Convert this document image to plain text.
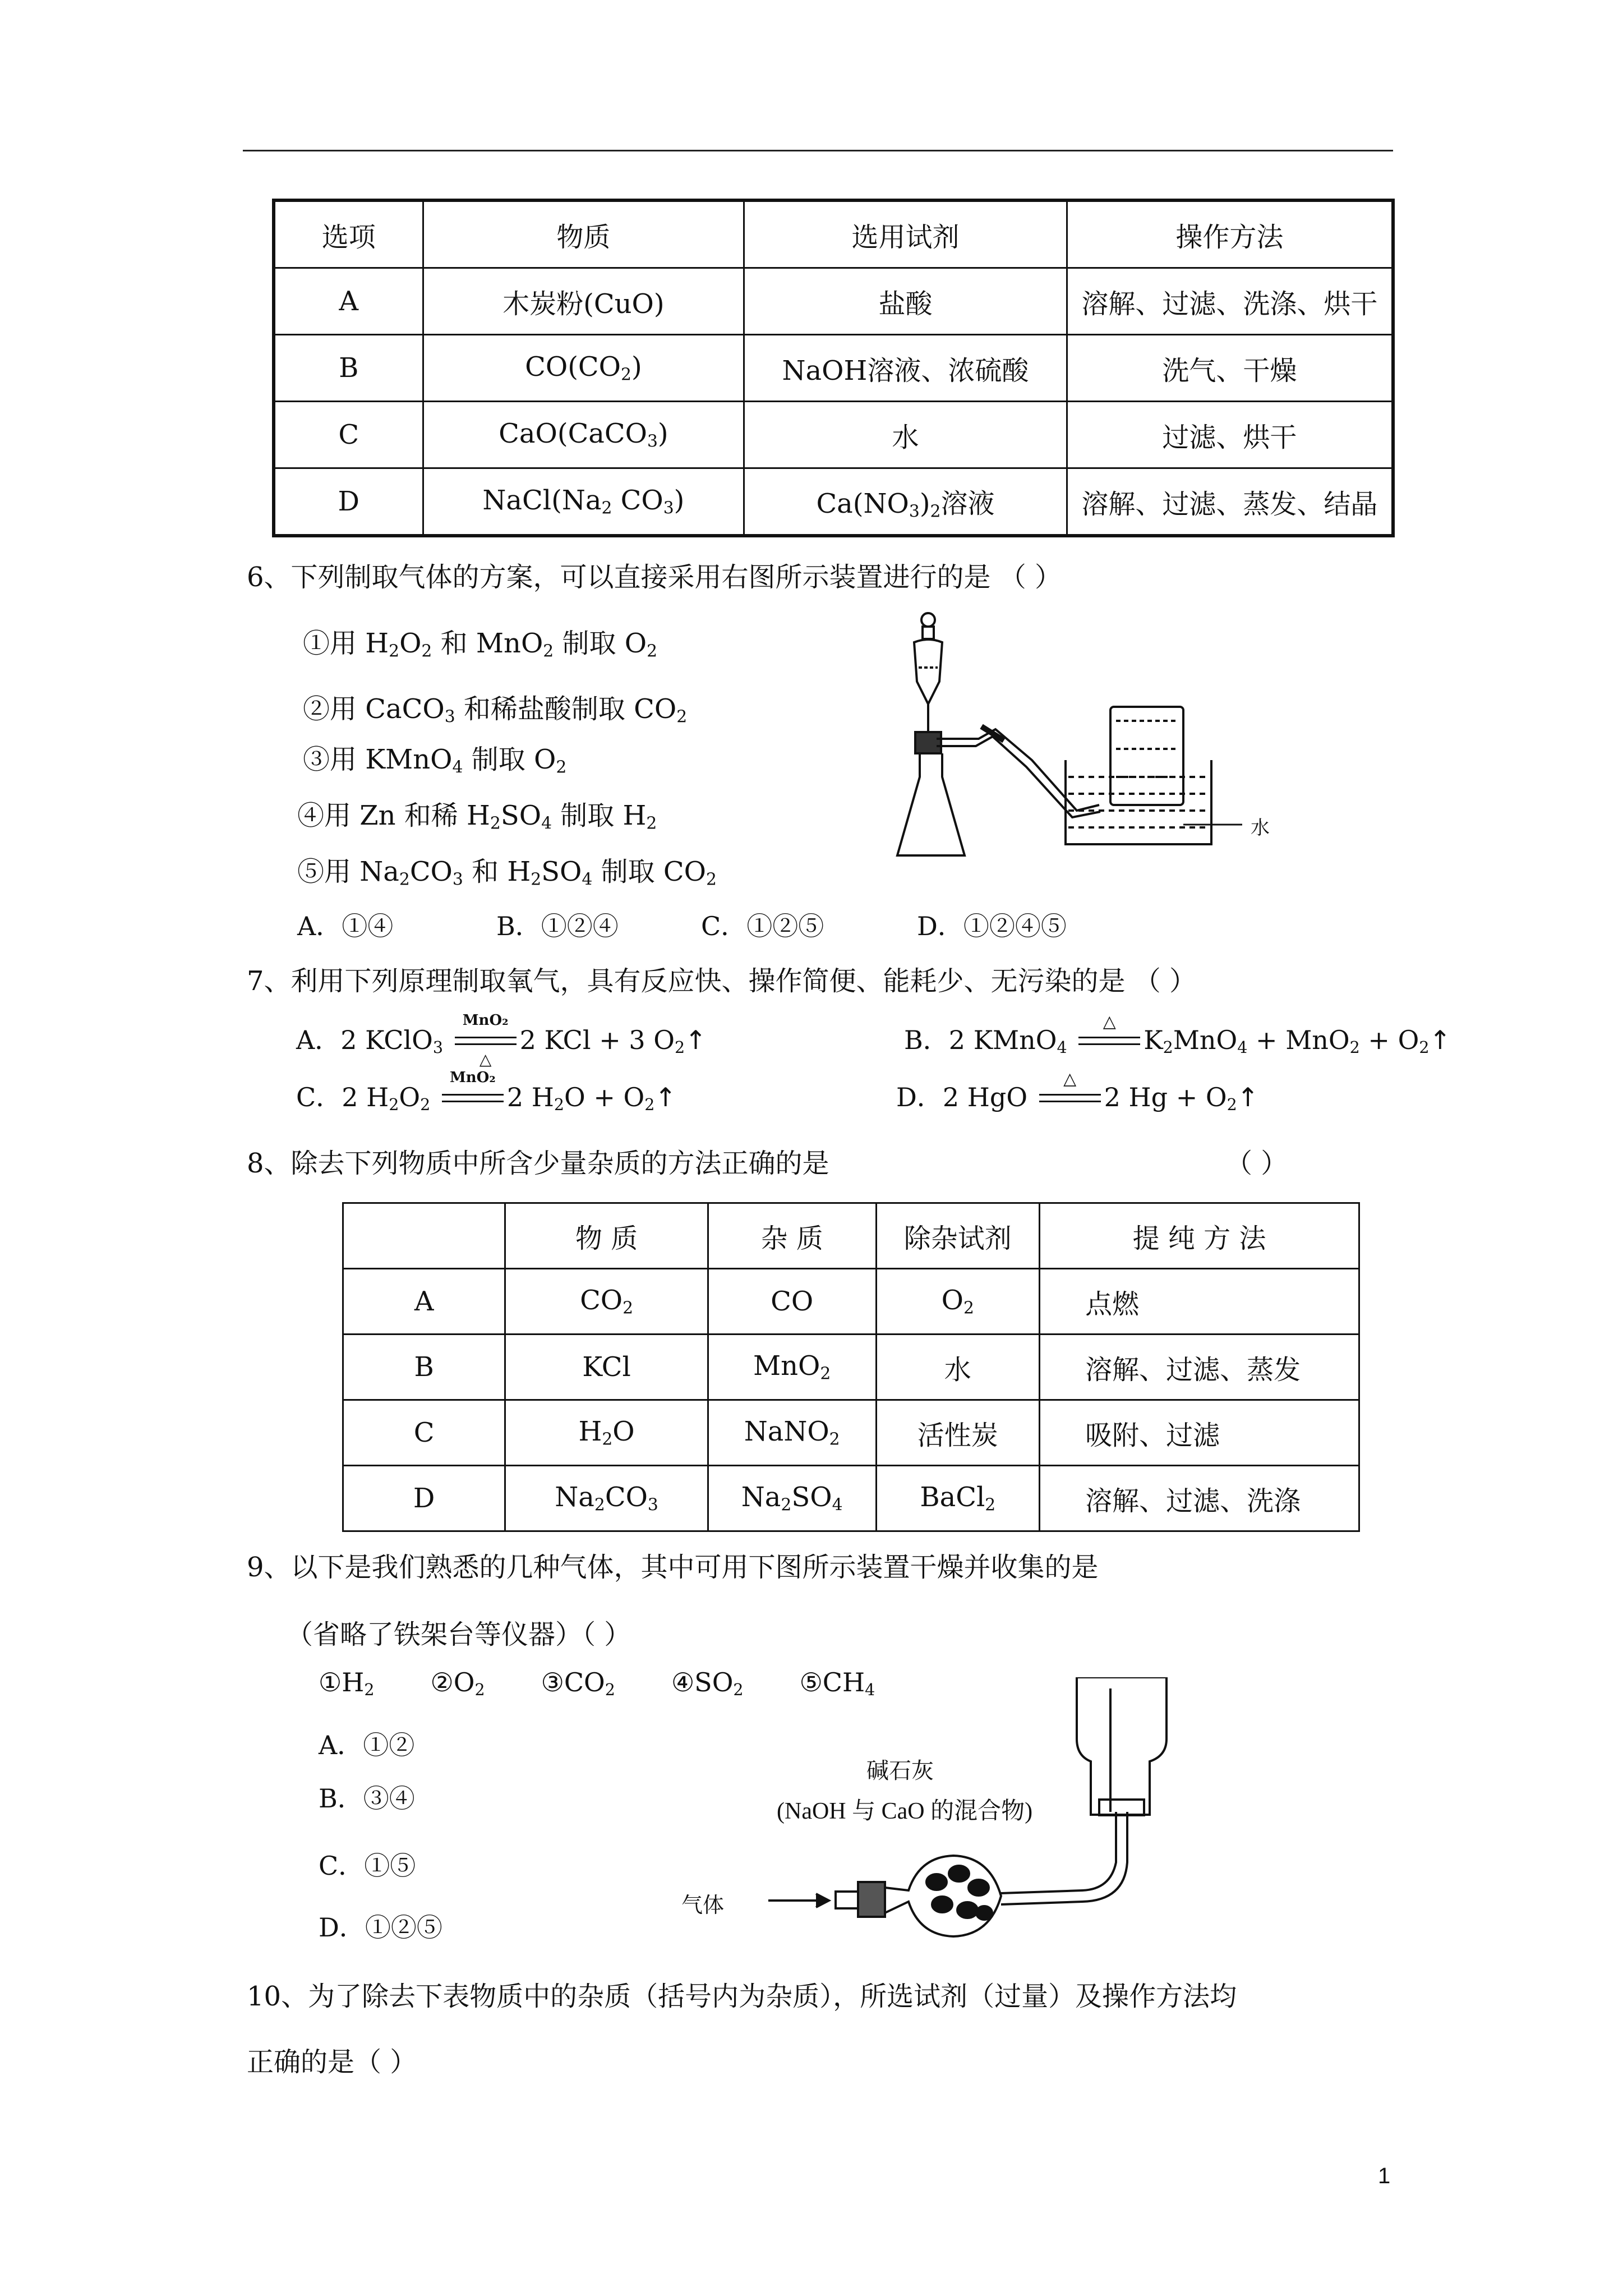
选项	物质	选用试剂	操作方法
A	木炭粉(CuO)	盐酸	溶解、过滤、洗涤、烘干
B	$CO(CO_2)$	NaOH溶液、浓硫酸	洗气、干燥
C	CaO(CaCO$_3$)	水	过滤、烘干
D	$NaCl(Na_2$ $CO_3$)	$Ca(NO_3)_2$溶液	溶解、过滤、蒸发、结晶
6、下列制取气体的方案，可以直接采用右图所示装置进行的是 （ ）
①用 $H_2O_2$ 和 MnO$_2$ 制取 $O_2$
②用 CaCO$_3$ 和稀盐酸制取 $CO_2$
③用 KMnO$_4$ 制取 $O_2$
④用 Zn 和稀 $H_2SO_4$ 制取 $H_2$
⑤用 $Na_2CO_3$ 和 $H_2SO_4$ 制取 $CO_2$
A．①④	B．①②④	C．①②⑤	D．①②④⑤
水
7、利用下列原理制取氧气，具有反应快、操作简便、能耗少、无污染的是 （ ）
A．2 KClO$_3$
MnO₂
△
2 KCl + 3 $O_2↑$	B．2 KMnO$_4$
△
$K_2MnO_4 + MnO_2$ + $O_2↑$
C．2 $H_2O_2$
MnO₂
2 $H_2O$ + $O_2↑$	D．2 HgO
△
2 $Hg + O_2↑$
8、除去下列物质中所含少量杂质的方法正确的是	（ ）
	物 质	杂 质	除杂试剂	提 纯 方 法
A	$CO_2$	CO	$O_2$	点燃
B	KCl	MnO$_2$	水	溶解、过滤、蒸发
C	$H_2O$	NaNO$_2$	活性炭	吸附、过滤
D	$Na_2CO_3$	$Na_2SO_4$	BaCl$_2$	溶解、过滤、洗涤
9、以下是我们熟悉的几种气体，其中可用下图所示装置干燥并收集的是
（省略了铁架台等仪器）（ ）
$①H_2$ $②O_2$ $③CO_2$ $④SO_2$ $⑤CH_4$
A．①②
B．③④
C．①⑤
D．①②⑤
碱石灰
(NaOH 与 CaO 的混合物)
气体
10、为了除去下表物质中的杂质（括号内为杂质），所选试剂（过量）及操作方法均
正确的是（ ）
1
